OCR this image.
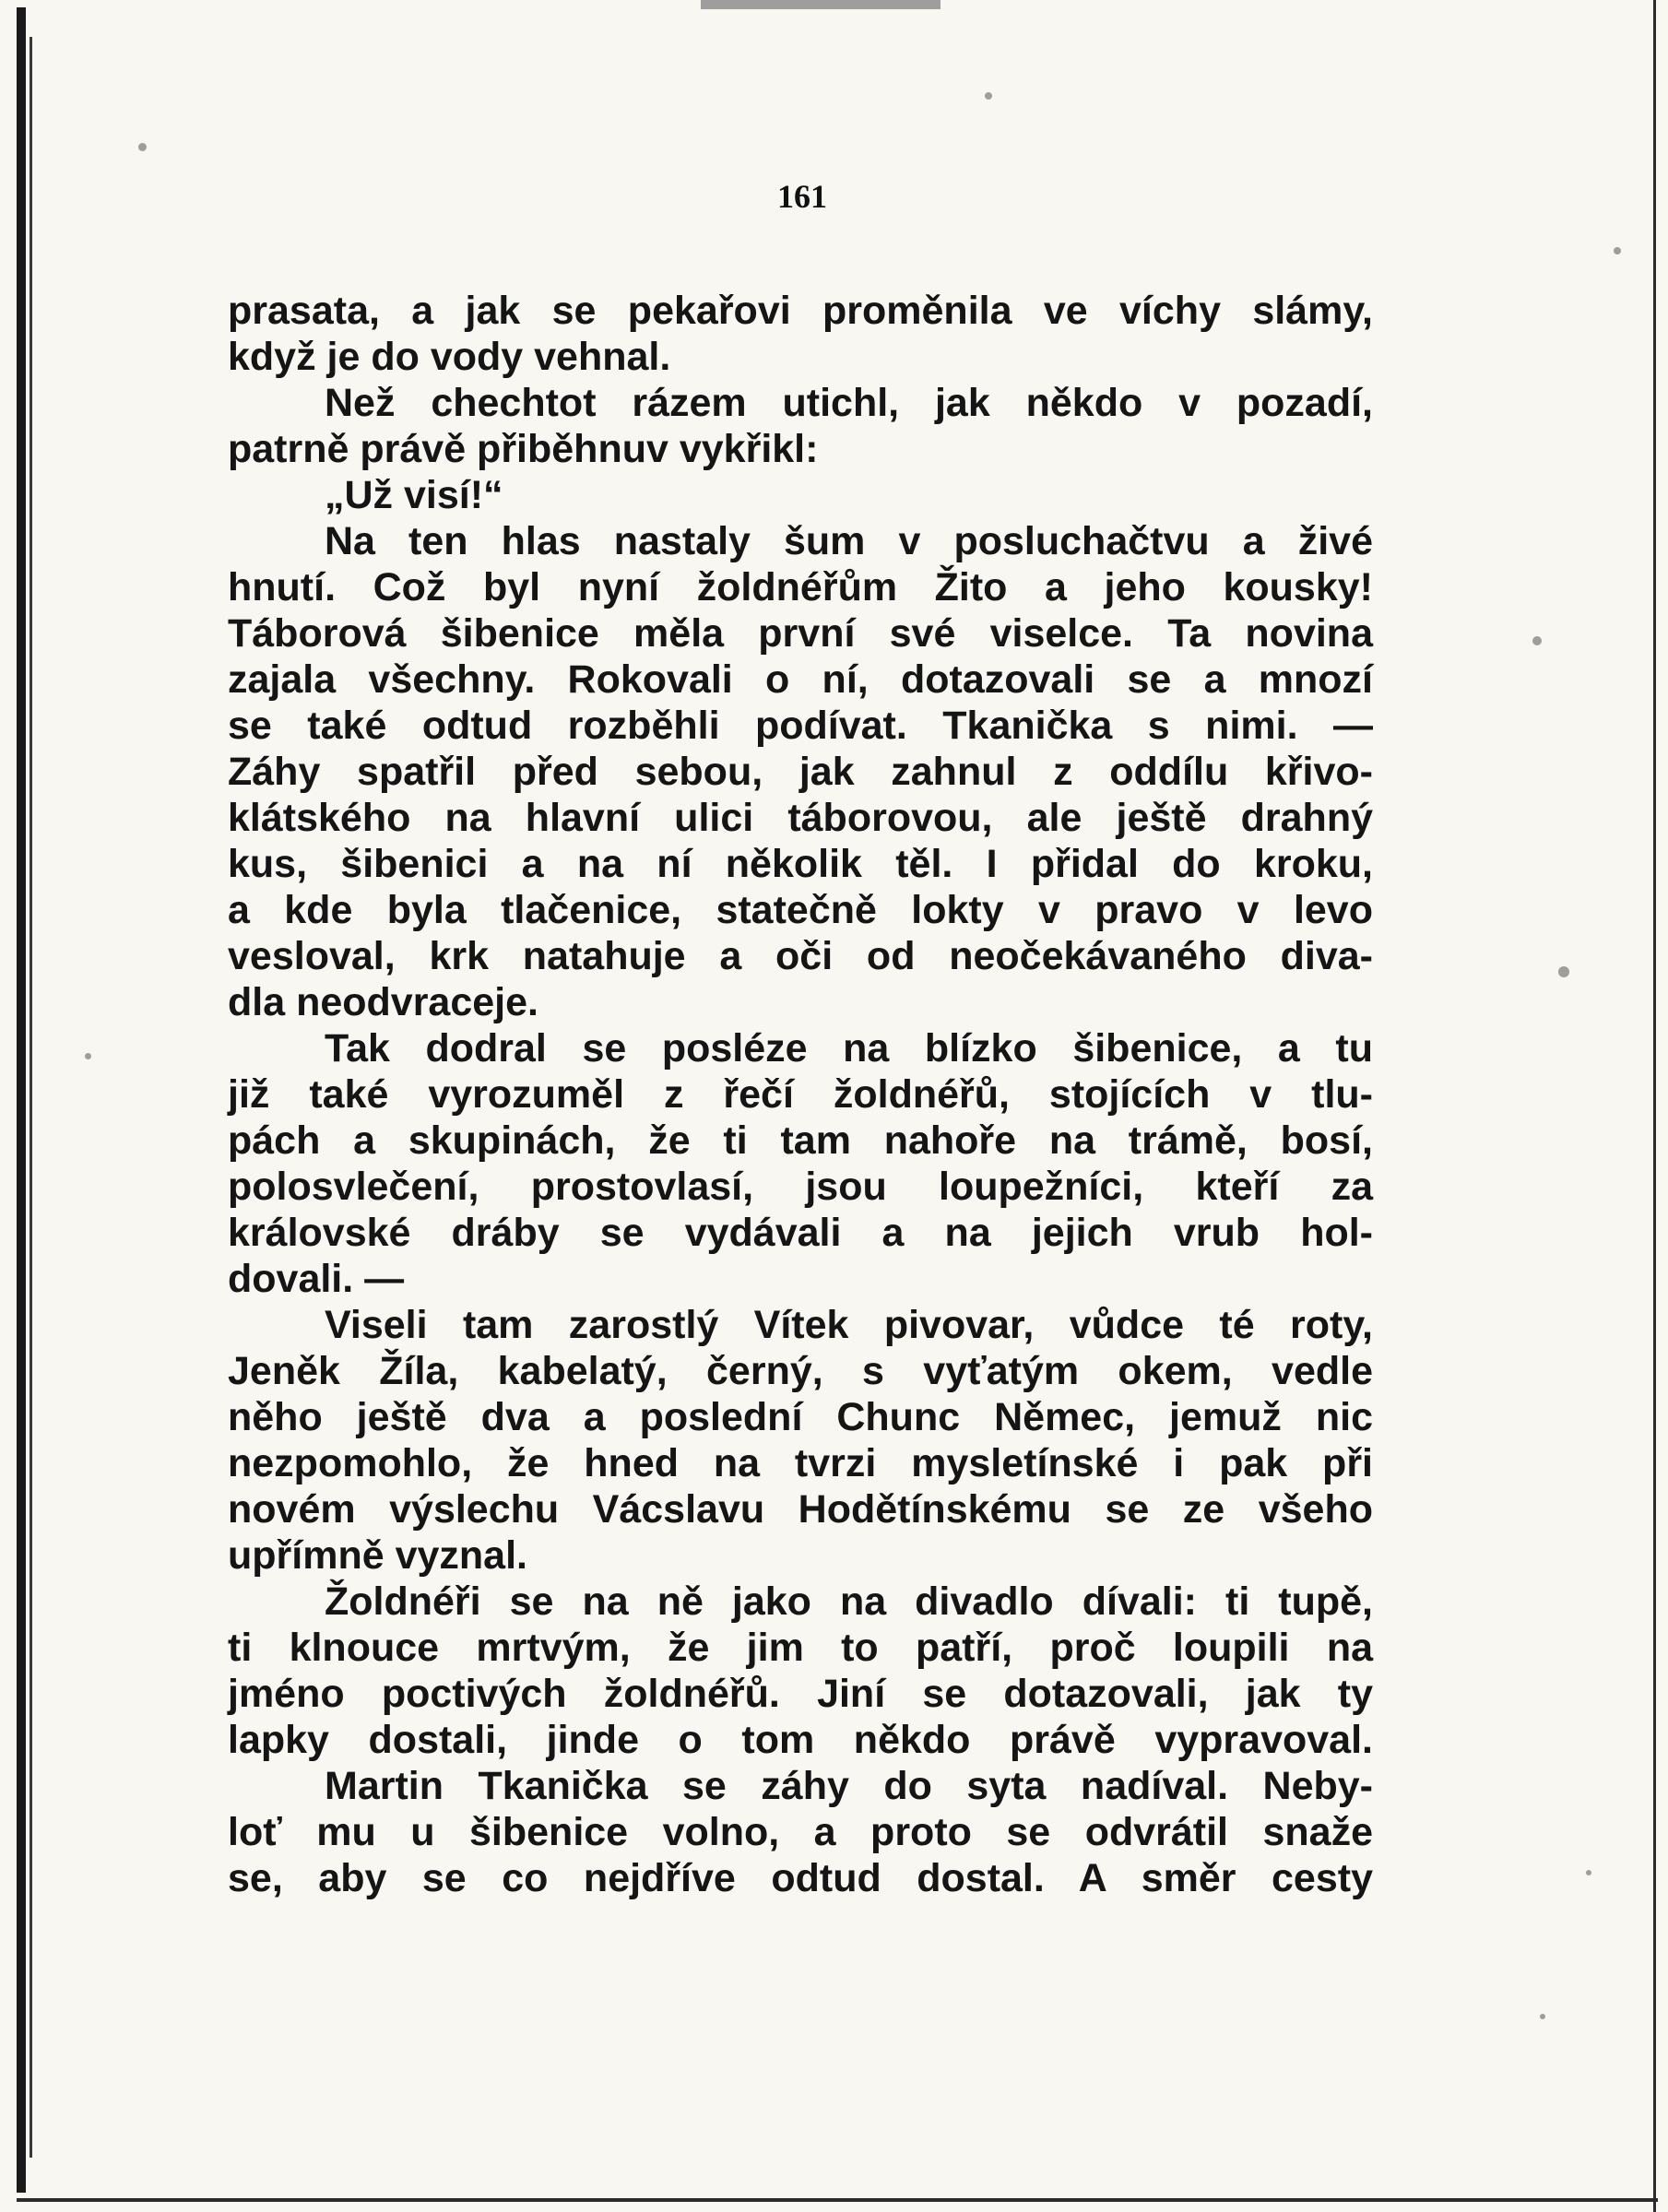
161
prasata, a jak se pekařovi proměnila ve víchy slámy,
když je do vody vehnal.
Než chechtot rázem utichl, jak někdo v pozadí,
patrně právě přiběhnuv vykřikl:
„Už visí!“
Na ten hlas nastaly šum v posluchačtvu a živé
hnutí. Což byl nyní žoldnéřům Žito a jeho kousky!
Táborová šibenice měla první své viselce. Ta novina
zajala všechny. Rokovali o ní, dotazovali se a mnozí
se také odtud rozběhli podívat. Tkanička s nimi. —
Záhy spatřil před sebou, jak zahnul z oddílu křivo-
klátského na hlavní ulici táborovou, ale ještě drahný
kus, šibenici a na ní několik těl. I přidal do kroku,
a kde byla tlačenice, statečně lokty v pravo v levo
vesloval, krk natahuje a oči od neočekávaného diva-
dla neodvraceje.
Tak dodral se posléze na blízko šibenice, a tu
již také vyrozuměl z řečí žoldnéřů, stojících v tlu-
pách a skupinách, že ti tam nahoře na trámě, bosí,
polosvlečení, prostovlasí, jsou loupežníci, kteří za
královské dráby se vydávali a na jejich vrub hol-
dovali. —
Viseli tam zarostlý Vítek pivovar, vůdce té roty,
Jeněk Žíla, kabelatý, černý, s vyťatým okem, vedle
něho ještě dva a poslední Chunc Němec, jemuž nic
nezpomohlo, že hned na tvrzi mysletínské i pak při
novém výslechu Vácslavu Hodětínskému se ze všeho
upřímně vyznal.
Žoldnéři se na ně jako na divadlo dívali: ti tupě,
ti klnouce mrtvým, že jim to patří, proč loupili na
jméno poctivých žoldnéřů. Jiní se dotazovali, jak ty
lapky dostali, jinde o tom někdo právě vypravoval.
Martin Tkanička se záhy do syta nadíval. Neby-
loť mu u šibenice volno, a proto se odvrátil snaže
se, aby se co nejdříve odtud dostal. A směr cesty
